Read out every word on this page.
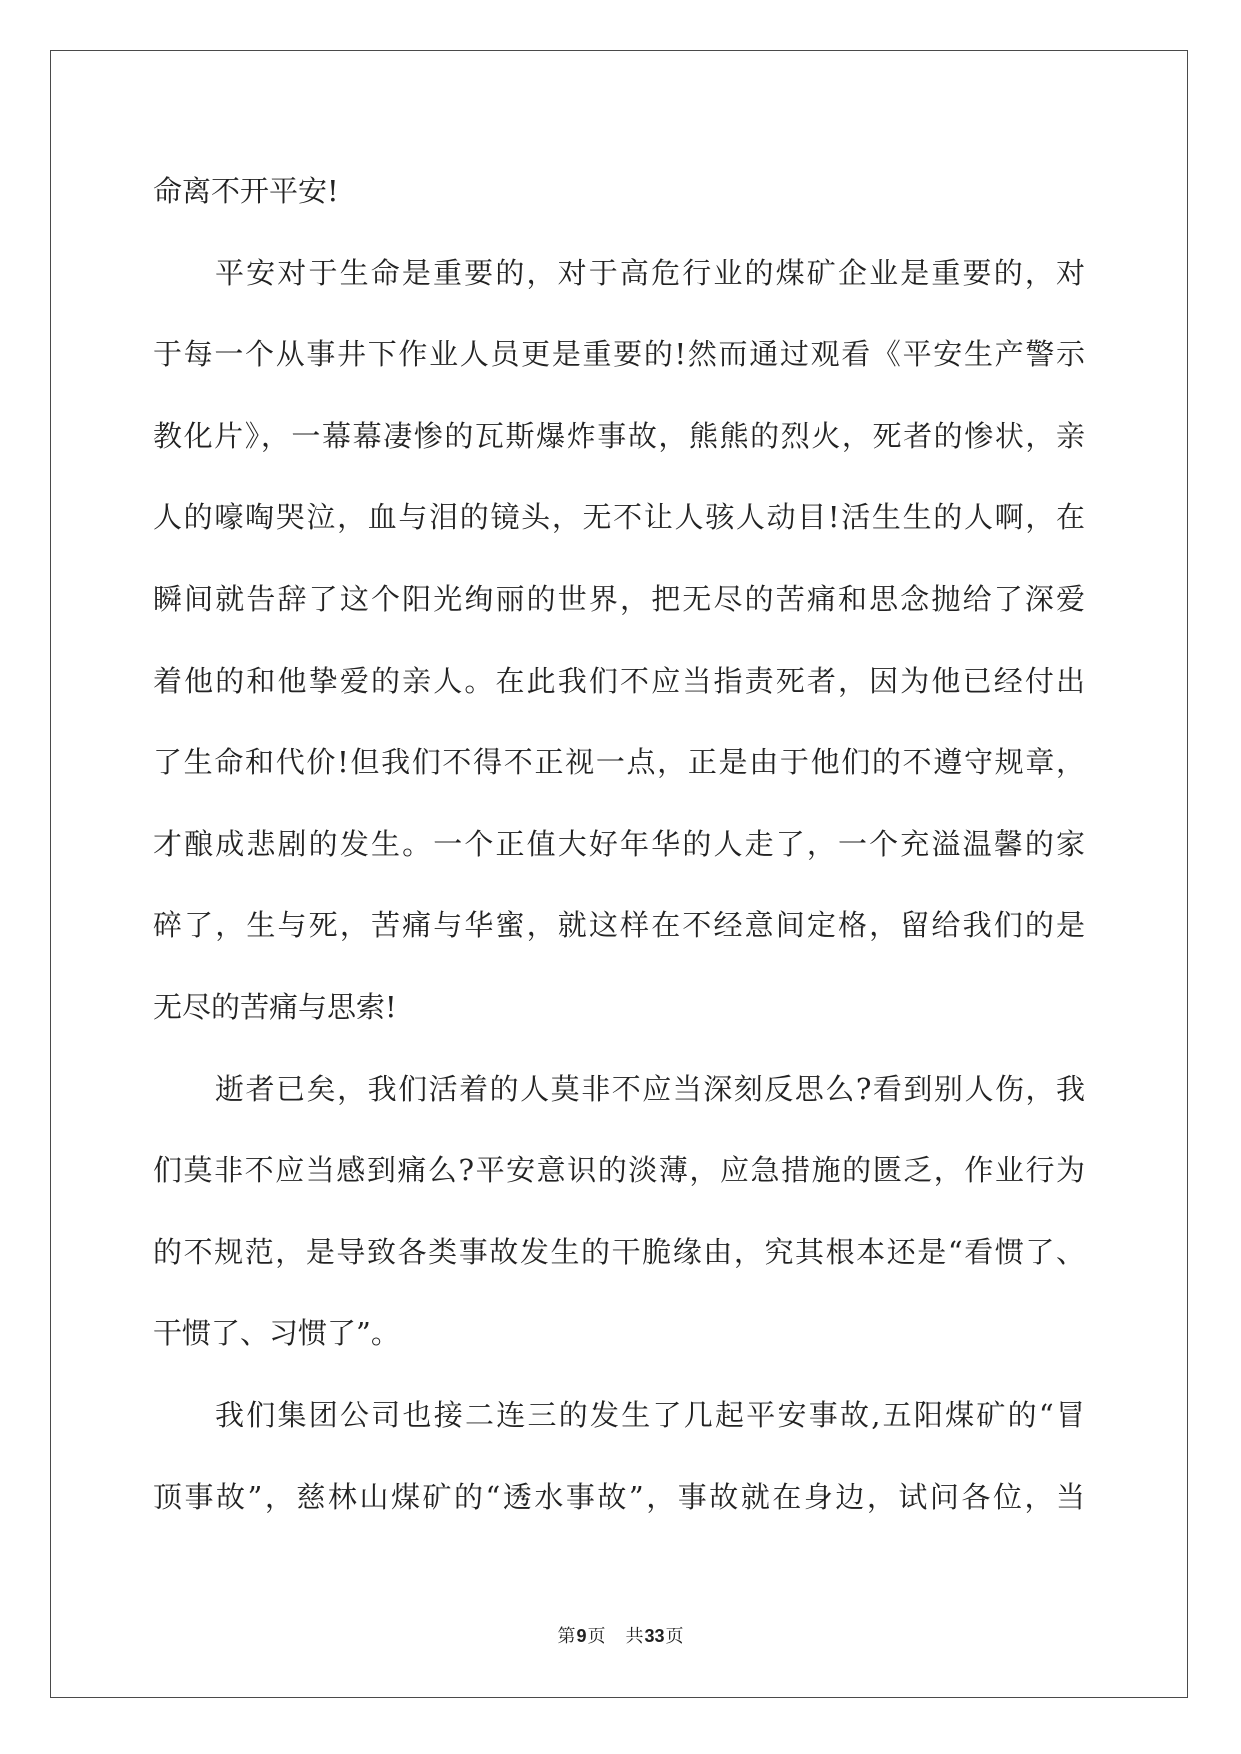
命离不开平安!
平安对于生命是重要的，对于高危行业的煤矿企业是重要的，对
于每一个从事井下作业人员更是重要的!然而通过观看《平安生产警示
教化片》，一幕幕凄惨的瓦斯爆炸事故，熊熊的烈火，死者的惨状，亲
人的嚎啕哭泣，血与泪的镜头，无不让人骇人动目!活生生的人啊，在
瞬间就告辞了这个阳光绚丽的世界，把无尽的苦痛和思念抛给了深爱
着他的和他挚爱的亲人。在此我们不应当指责死者，因为他已经付出
了生命和代价!但我们不得不正视一点，正是由于他们的不遵守规章，
才酿成悲剧的发生。一个正值大好年华的人走了，一个充溢温馨的家
碎了，生与死，苦痛与华蜜，就这样在不经意间定格，留给我们的是
无尽的苦痛与思索!
逝者已矣，我们活着的人莫非不应当深刻反思么?看到别人伤，我
们莫非不应当感到痛么?平安意识的淡薄，应急措施的匮乏，作业行为
的不规范，是导致各类事故发生的干脆缘由，究其根本还是“看惯了、
干惯了、习惯了”。
我们集团公司也接二连三的发生了几起平安事故,五阳煤矿的“冒
顶事故”，慈林山煤矿的“透水事故”，事故就在身边，试问各位，当
第9页 共33页
